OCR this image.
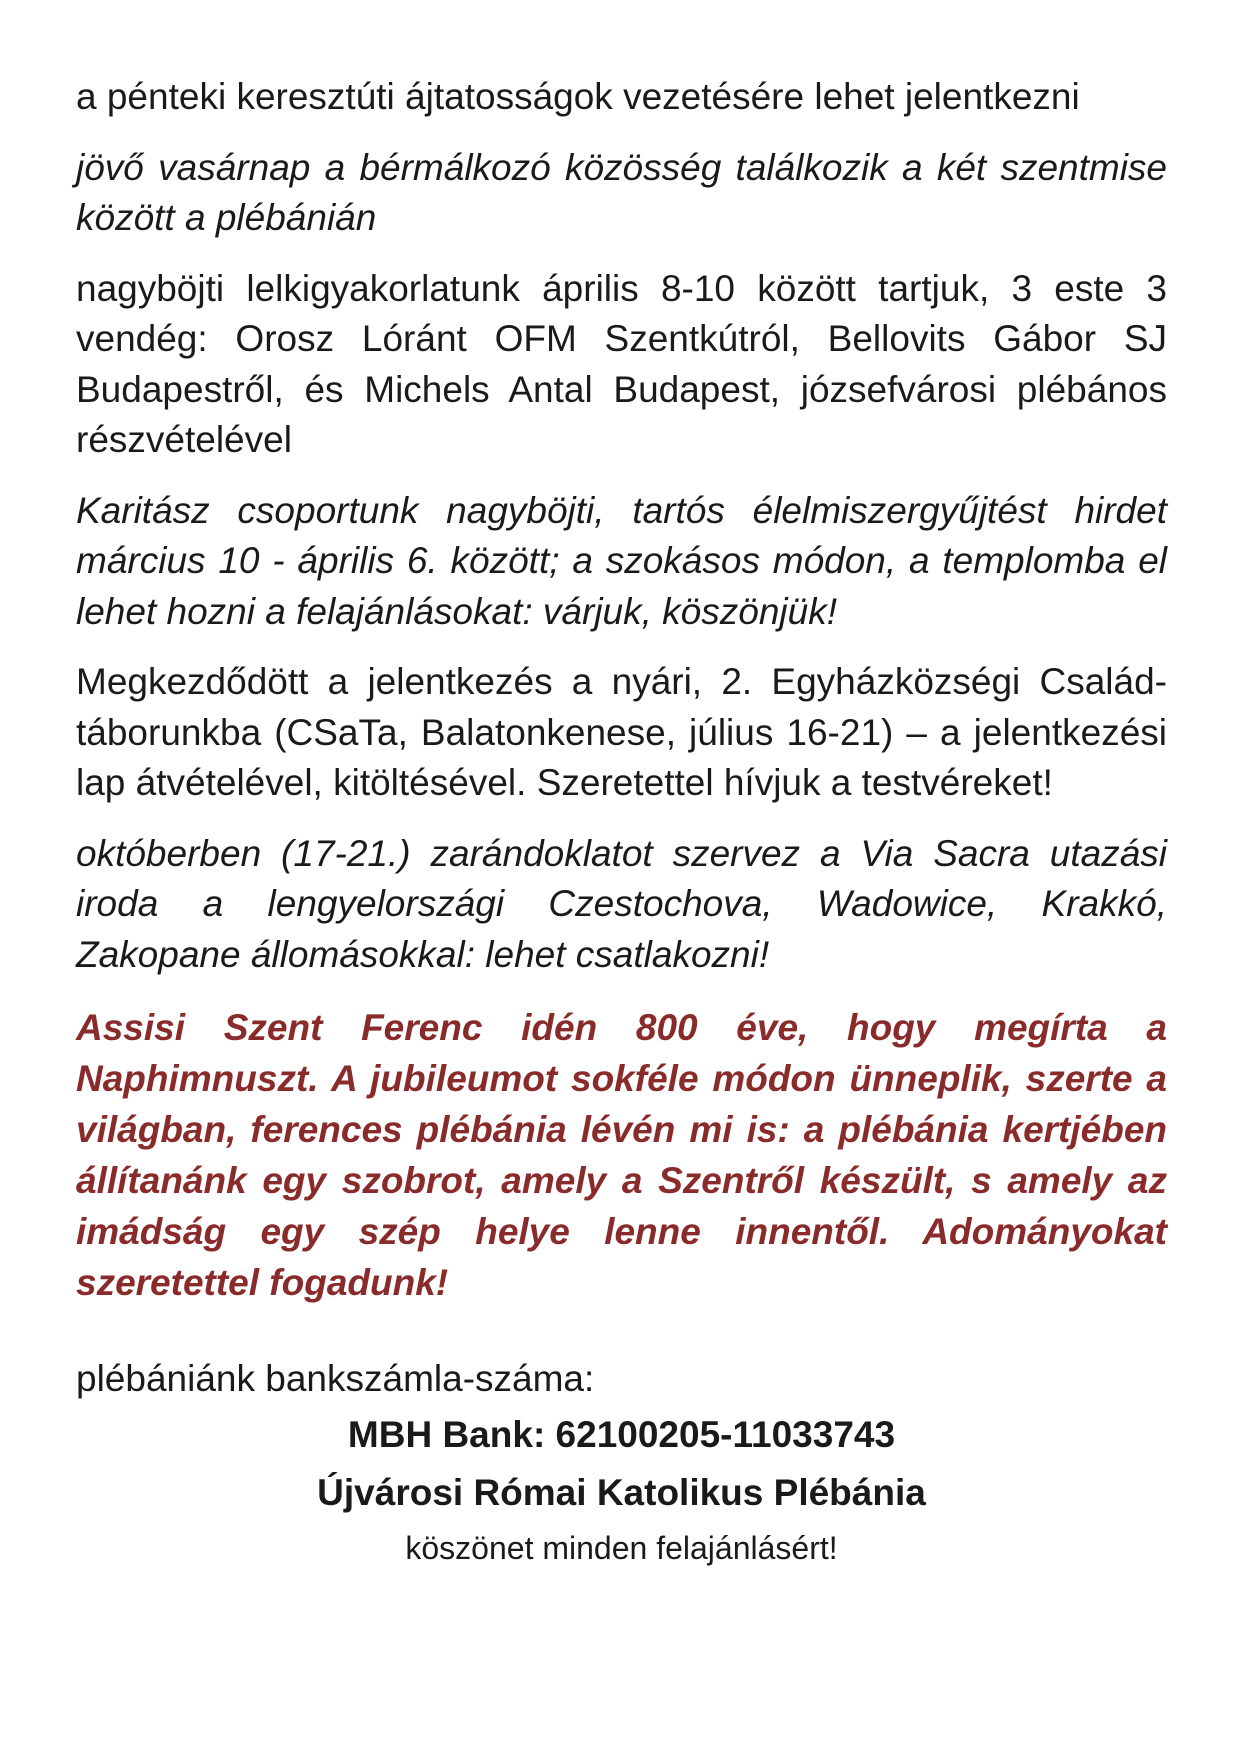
a pénteki keresztúti ájtatosságok vezetésére lehet jelentkezni

jövő vasárnap a bérmálkozó közösség találkozik a két szentmise között a plébánián

nagyböjti lelkigyakorlatunk április 8-10 között tartjuk, 3 este 3 vendég: Orosz Lóránt OFM Szentkútról, Bellovits Gábor SJ Budapestről, és Michels Antal Budapest, józsefvárosi plébános részvételével

Karitász csoportunk nagyböjti, tartós élelmiszergyűjtést hirdet március 10 - április 6. között; a szokásos módon, a templomba el lehet hozni a felajánlásokat: várjuk, köszönjük!

Megkezdődött a jelentkezés a nyári, 2. Egyházközségi Család-táborunkba (CSaTa, Balatonkenese, július 16-21) – a jelentkezési lap átvételével, kitöltésével. Szeretettel hívjuk a testvéreket!

októberben (17-21.) zarándoklatot szervez a Via Sacra utazási iroda a lengyelországi Czestochova, Wadowice, Krakkó, Zakopane állomásokkal: lehet csatlakozni!

Assisi Szent Ferenc idén 800 éve, hogy megírta a Naphimnuszt. A jubileumot sokféle módon ünneplik, szerte a világban, ferences plébánia lévén mi is: a plébánia kertjében állítanánk egy szobrot, amely a Szentről készült, s amely az imádság egy szép helye lenne innentől. Adományokat szeretettel fogadunk!

plébániánk bankszámla-száma:

MBH Bank: 62100205-11033743

Újvárosi Római Katolikus Plébánia

köszönet minden felajánlásért!
